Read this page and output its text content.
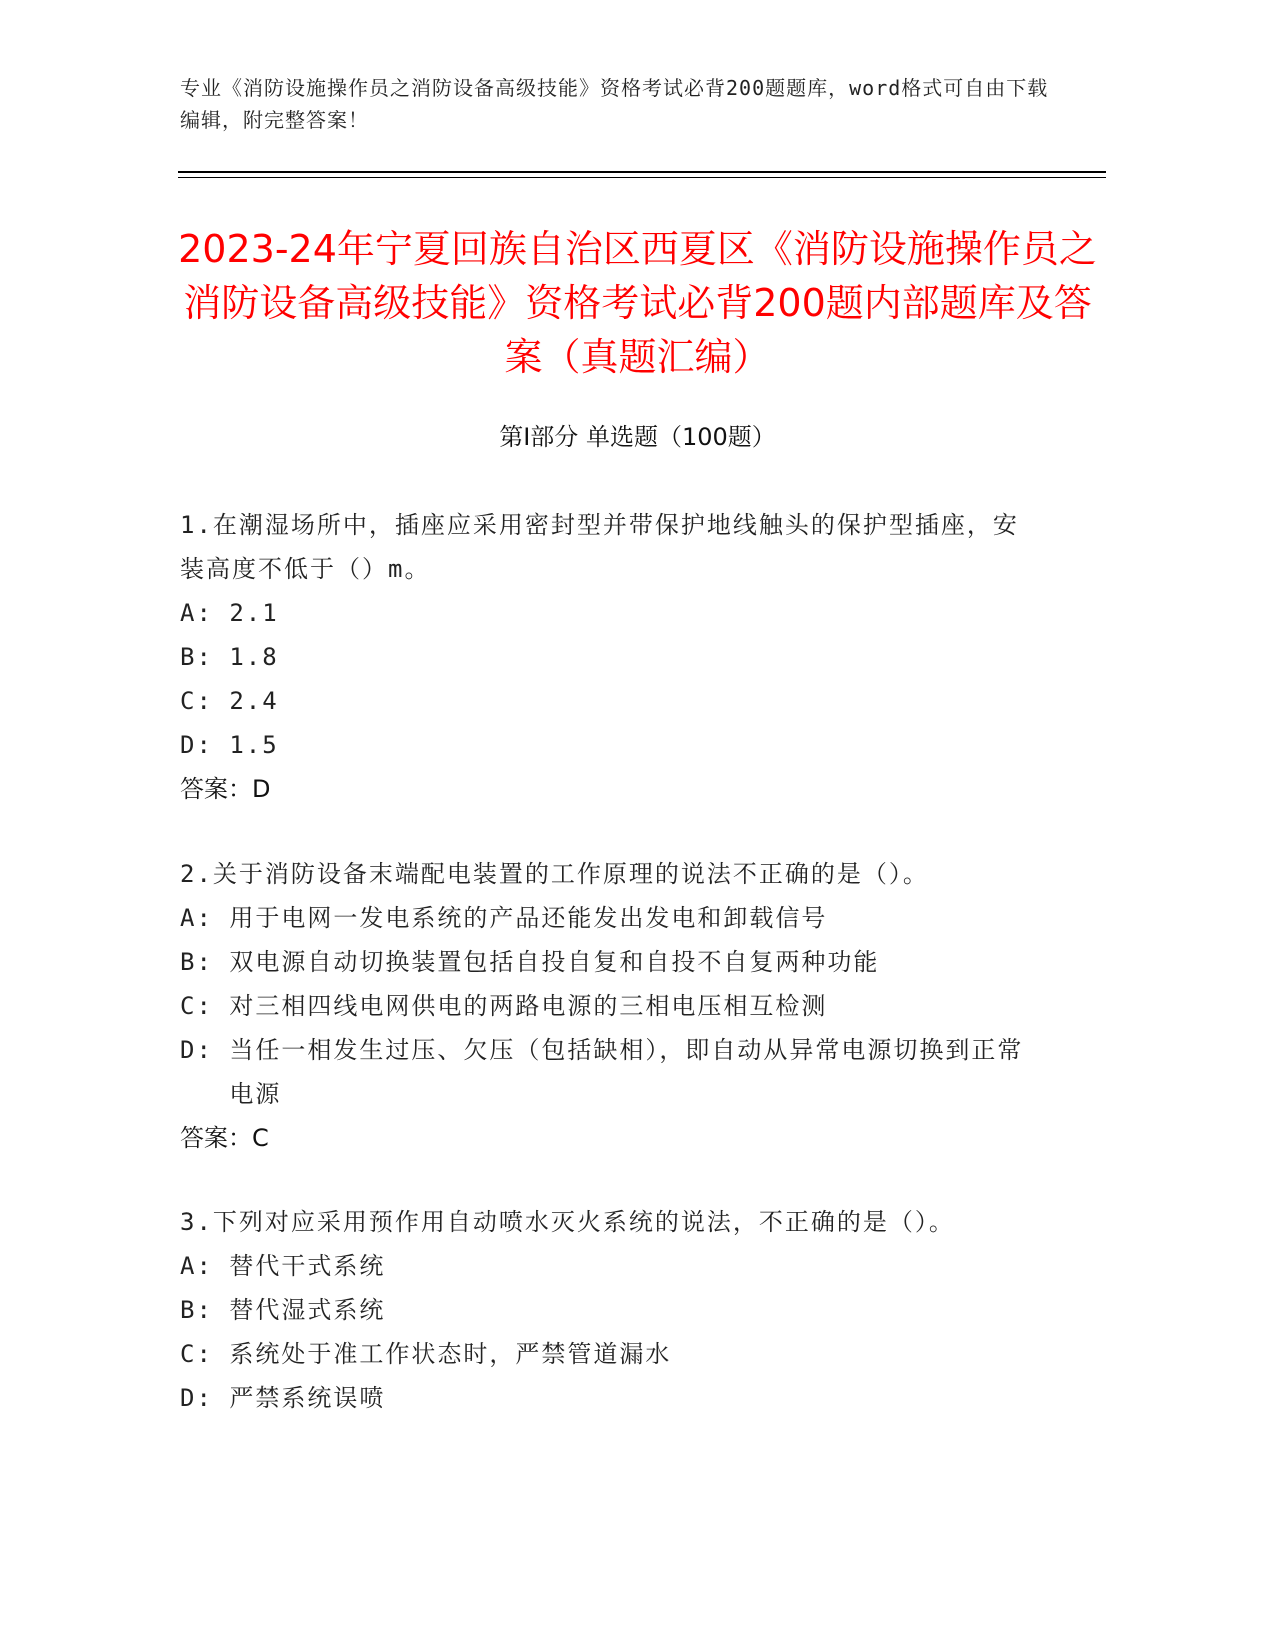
专业《消防设施操作员之消防设备高级技能》资格考试必背200题题库，word格式可自由下载编辑，附完整答案！
2023-24年宁夏回族自治区西夏区《消防设施操作员之消防设备高级技能》资格考试必背200题内部题库及答案（真题汇编）
第Ⅰ部分 单选题（100题）

1.在潮湿场所中，插座应采用密封型并带保护地线触头的保护型插座，安装高度不低于（）m。

A: 2.1

B: 1.8

C: 2.4

D: 1.5

答案：D

2.关于消防设备末端配电装置的工作原理的说法不正确的是（）。

A: 用于电网一发电系统的产品还能发出发电和卸载信号

B: 双电源自动切换装置包括自投自复和自投不自复两种功能

C: 对三相四线电网供电的两路电源的三相电压相互检测

D: 当任一相发生过压、欠压（包括缺相），即自动从异常电源切换到正常电源

答案：C

3.下列对应采用预作用自动喷水灭火系统的说法，不正确的是（）。

A: 替代干式系统

B: 替代湿式系统

C: 系统处于准工作状态时，严禁管道漏水

D: 严禁系统误喷
